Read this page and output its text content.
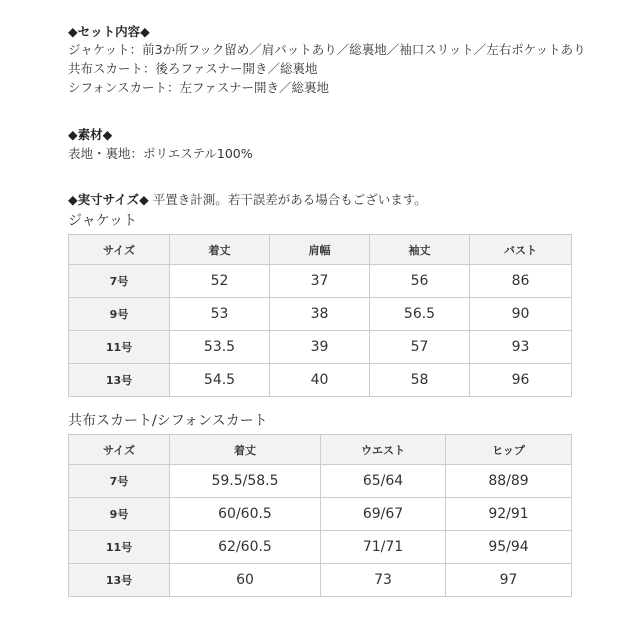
◆セット内容◆
ジャケット：前3か所フック留め／肩パットあり／総裏地／袖口スリット／左右ポケットあり
共布スカート：後ろファスナー開き／総裏地
シフォンスカート：左ファスナー開き／総裏地
◆素材◆
表地・裏地：ポリエステル100%
◆実寸サイズ◆ 平置き計測。若干誤差がある場合もございます。
ジャケット
サイズ	着丈	肩幅	袖丈	バスト
7号	52	37	56	86
9号	53	38	56.5	90
11号	53.5	39	57	93
13号	54.5	40	58	96
共布スカート/シフォンスカート
サイズ	着丈	ウエスト	ヒップ
7号	59.5/58.5	65/64	88/89
9号	60/60.5	69/67	92/91
11号	62/60.5	71/71	95/94
13号	60	73	97
